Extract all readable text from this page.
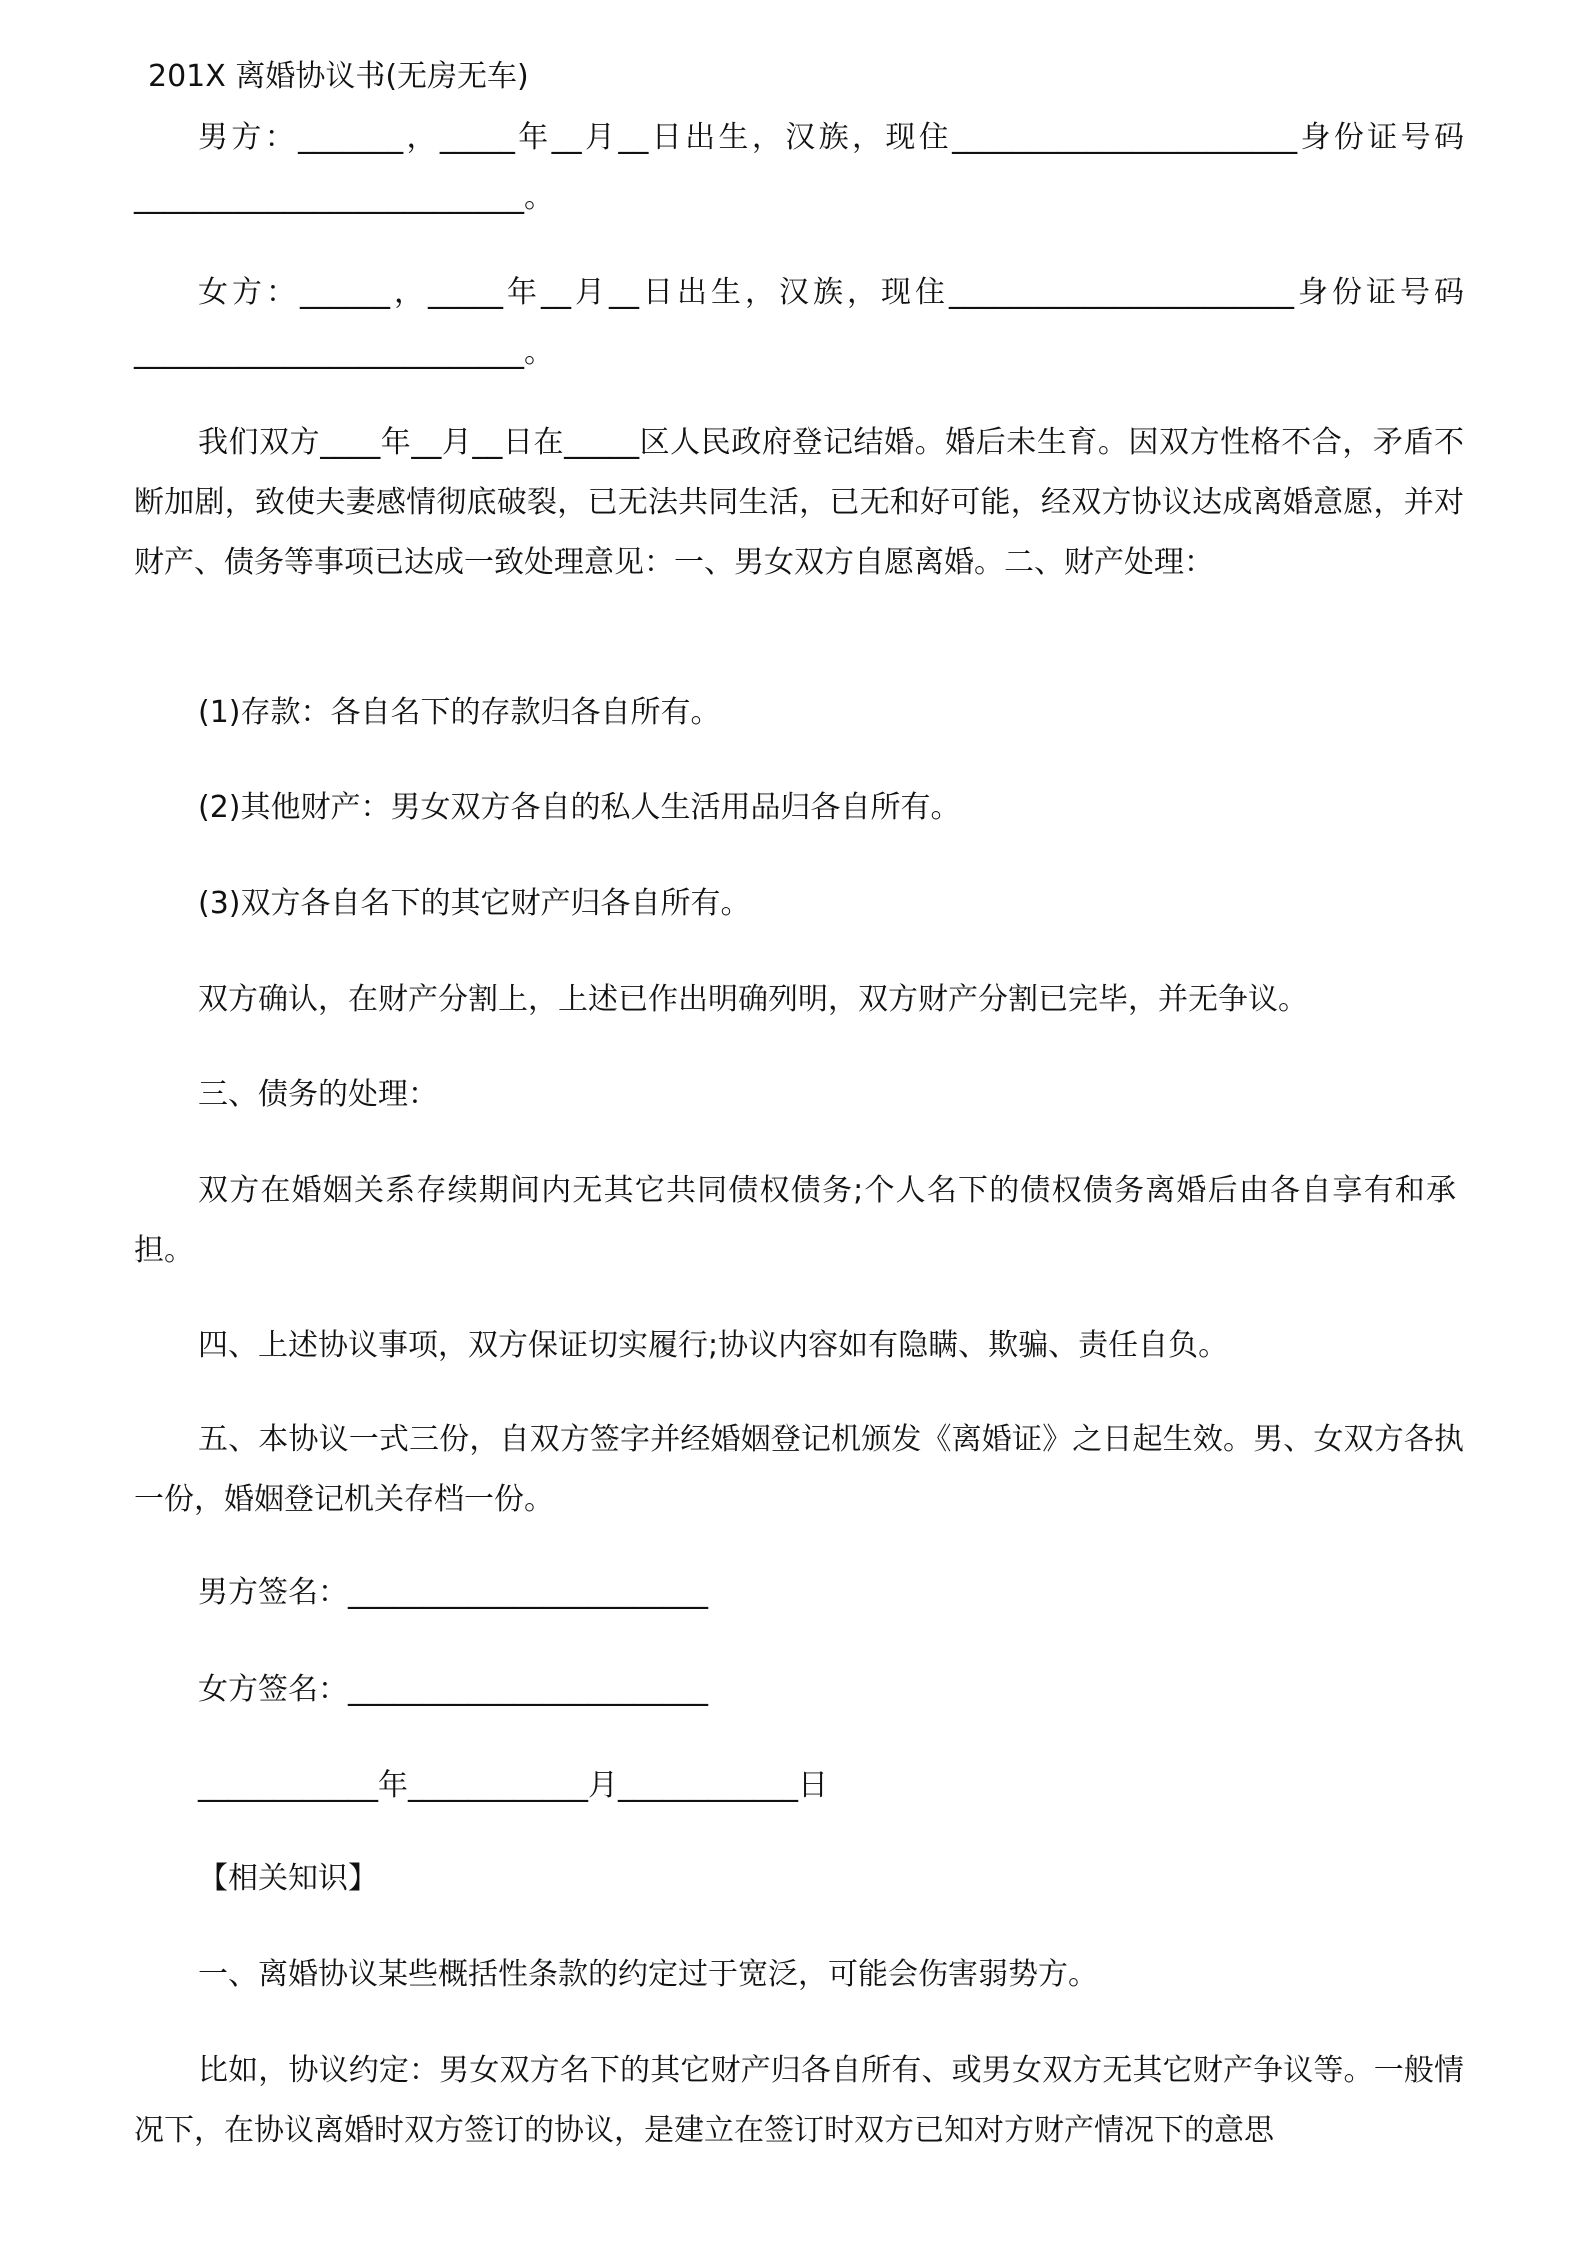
201X 离婚协议书(无房无车)
男方：_______，_____年__月__日出生，汉族，现住_______________________身份证号码__________________________。
女方：______，_____年__月__日出生，汉族，现住_______________________身份证号码__________________________。
我们双方____年__月__日在_____区人民政府登记结婚。婚后未生育。因双方性格不合，矛盾不断加剧，致使夫妻感情彻底破裂，已无法共同生活，已无和好可能，经双方协议达成离婚意愿，并对财产、债务等事项已达成一致处理意见：一、男女双方自愿离婚。二、财产处理：
(1)存款：各自名下的存款归各自所有。
(2)其他财产：男女双方各自的私人生活用品归各自所有。
(3)双方各自名下的其它财产归各自所有。
双方确认，在财产分割上，上述已作出明确列明，双方财产分割已完毕，并无争议。
三、债务的处理：
双方在婚姻关系存续期间内无其它共同债权债务;个人名下的债权债务离婚后由各自享有和承担。
四、上述协议事项，双方保证切实履行;协议内容如有隐瞒、欺骗、责任自负。
五、本协议一式三份，自双方签字并经婚姻登记机颁发《离婚证》之日起生效。男、女双方各执一份，婚姻登记机关存档一份。
男方签名：________________________
女方签名：________________________
____________年____________月____________日
【相关知识】
一、离婚协议某些概括性条款的约定过于宽泛，可能会伤害弱势方。
比如，协议约定：男女双方名下的其它财产归各自所有、或男女双方无其它财产争议等。一般情况下，在协议离婚时双方签订的协议，是建立在签订时双方已知对方财产情况下的意思
